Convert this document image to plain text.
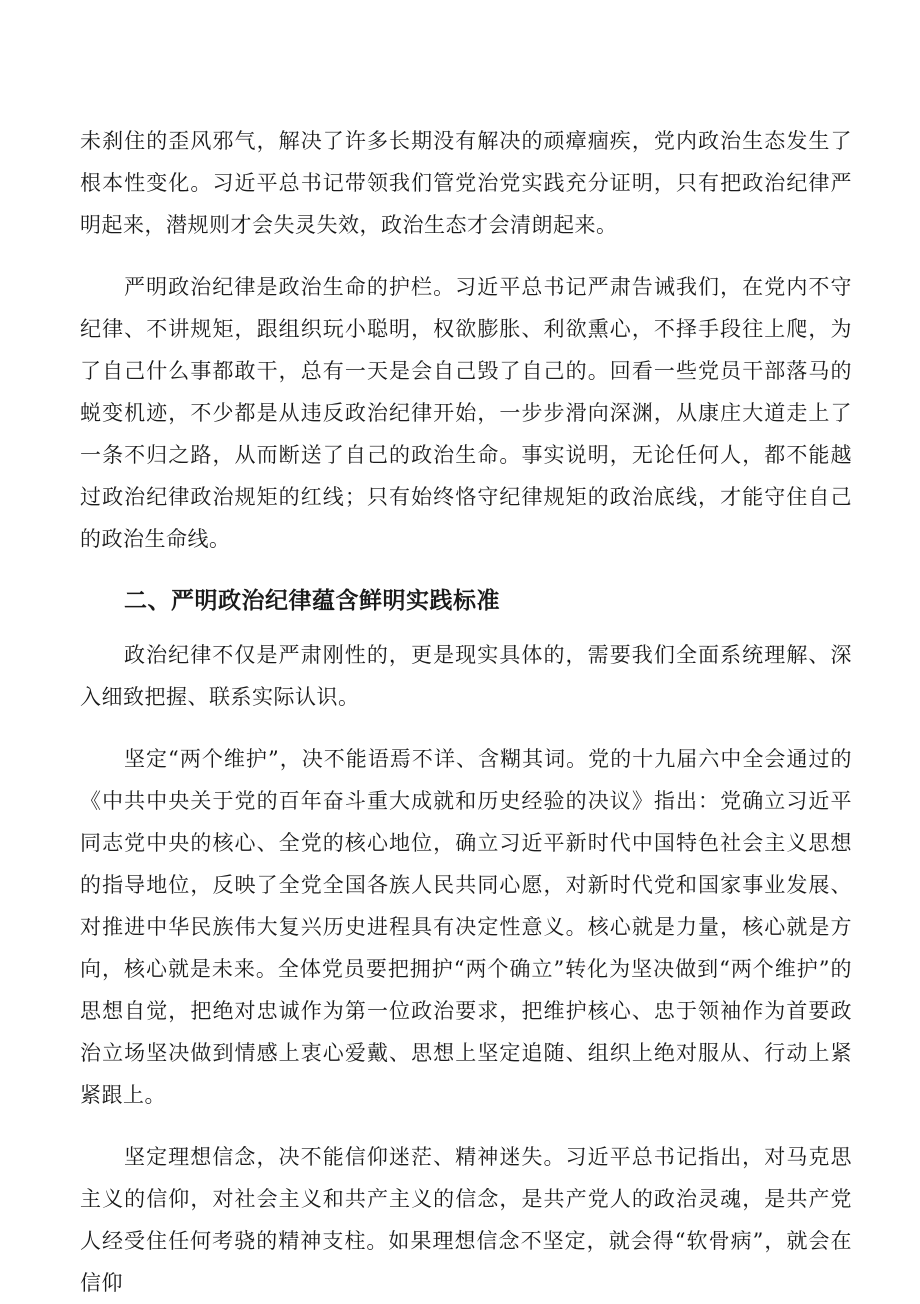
未刹住的歪风邪气，解决了许多长期没有解决的顽瘴痼疾，党内政治生态发生了根本性变化。习近平总书记带领我们管党治党实践充分证明，只有把政治纪律严明起来，潜规则才会失灵失效，政治生态才会清朗起来。

严明政治纪律是政治生命的护栏。习近平总书记严肃告诫我们，在党内不守纪律、不讲规矩，跟组织玩小聪明，权欲膨胀、利欲熏心，不择手段往上爬，为了自己什么事都敢干，总有一天是会自己毁了自己的。回看一些党员干部落马的蜕变机迹，不少都是从违反政治纪律开始，一步步滑向深渊，从康庄大道走上了一条不归之路，从而断送了自己的政治生命。事实说明，无论任何人，都不能越过政治纪律政治规矩的红线；只有始终恪守纪律规矩的政治底线，才能守住自己的政治生命线。

二、严明政治纪律蕴含鲜明实践标准

政治纪律不仅是严肃刚性的，更是现实具体的，需要我们全面系统理解、深入细致把握、联系实际认识。

坚定“两个维护”，决不能语焉不详、含糊其词。党的十九届六中全会通过的《中共中央关于党的百年奋斗重大成就和历史经验的决议》指出：党确立习近平同志党中央的核心、全党的核心地位，确立习近平新时代中国特色社会主义思想的指导地位，反映了全党全国各族人民共同心愿，对新时代党和国家事业发展、对推进中华民族伟大复兴历史进程具有决定性意义。核心就是力量，核心就是方向，核心就是未来。全体党员要把拥护“两个确立”转化为坚决做到“两个维护”的思想自觉，把绝对忠诚作为第一位政治要求，把维护核心、忠于领袖作为首要政治立场坚决做到情感上衷心爱戴、思想上坚定追随、组织上绝对服从、行动上紧紧跟上。

坚定理想信念，决不能信仰迷茫、精神迷失。习近平总书记指出，对马克思主义的信仰，对社会主义和共产主义的信念，是共产党人的政治灵魂，是共产党人经受住任何考骁的精神支柱。如果理想信念不坚定，就会得“软骨病”，就会在信仰
